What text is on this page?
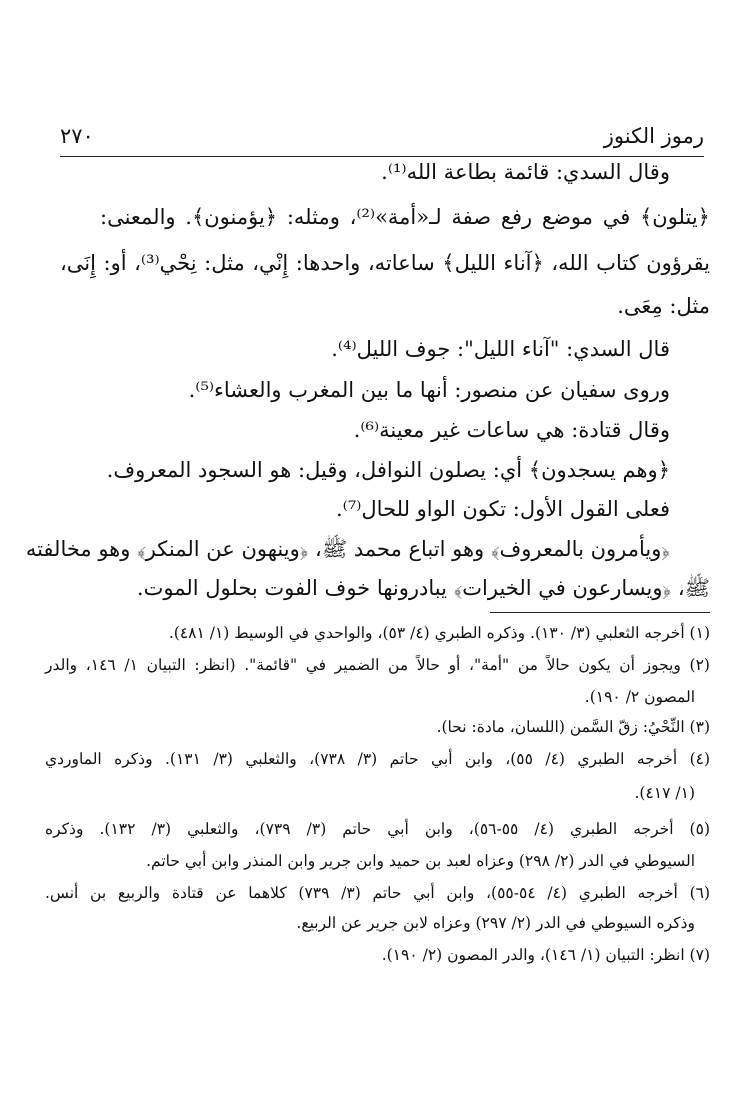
رموز الكنوز
٢٧٠
وقال السدي: قائمة بطاعة الله⁽¹⁾.
﴿يتلون﴾ في موضع رفع صفة لـ«أمة»⁽²⁾، ومثله: ﴿يؤمنون﴾. والمعنى:
يقرؤون كتاب الله، ﴿آناء الليل﴾ ساعاته، واحدها: إِنْي، مثل: نِحْي⁽³⁾، أو: إِنَى،
مثل: مِعَى.
قال السدي: "آناء الليل": جوف الليل⁽⁴⁾.
وروى سفيان عن منصور: أنها ما بين المغرب والعشاء⁽⁵⁾.
وقال قتادة: هي ساعات غير معينة⁽⁶⁾.
﴿وهم يسجدون﴾ أي: يصلون النوافل، وقيل: هو السجود المعروف.
فعلى القول الأول: تكون الواو للحال⁽⁷⁾.
﴿ويأمرون بالمعروف﴾ وهو اتباع محمد ﷺ، ﴿وينهون عن المنكر﴾ وهو مخالفته
ﷺ، ﴿ويسارعون في الخيرات﴾ يبادرونها خوف الفوت بحلول الموت.
(١) أخرجه الثعلبي (٣/ ١٣٠). وذكره الطبري (٤/ ٥٣)، والواحدي في الوسيط (١/ ٤٨١).
(٢) ويجوز أن يكون حالاً من "أمة"، أو حالاً من الضمير في "قائمة". (انظر: التبيان ١/ ١٤٦، والدر
المصون ٢/ ١٩٠).
(٣) النِّحْيُ: زقّ السَّمن (اللسان، مادة: نحا).
(٤) أخرجه الطبري (٤/ ٥٥)، وابن أبي حاتم (٣/ ٧٣٨)، والثعلبي (٣/ ١٣١). وذكره الماوردي
(١/ ٤١٧).
(٥) أخرجه الطبري (٤/ ٥٥-٥٦)، وابن أبي حاتم (٣/ ٧٣٩)، والثعلبي (٣/ ١٣٢). وذكره
السيوطي في الدر (٢/ ٢٩٨) وعزاه لعبد بن حميد وابن جرير وابن المنذر وابن أبي حاتم.
(٦) أخرجه الطبري (٤/ ٥٤-٥٥)، وابن أبي حاتم (٣/ ٧٣٩) كلاهما عن قتادة والربيع بن أنس.
وذكره السيوطي في الدر (٢/ ٢٩٧) وعزاه لابن جرير عن الربيع.
(٧) انظر: التبيان (١/ ١٤٦)، والدر المصون (٢/ ١٩٠).
